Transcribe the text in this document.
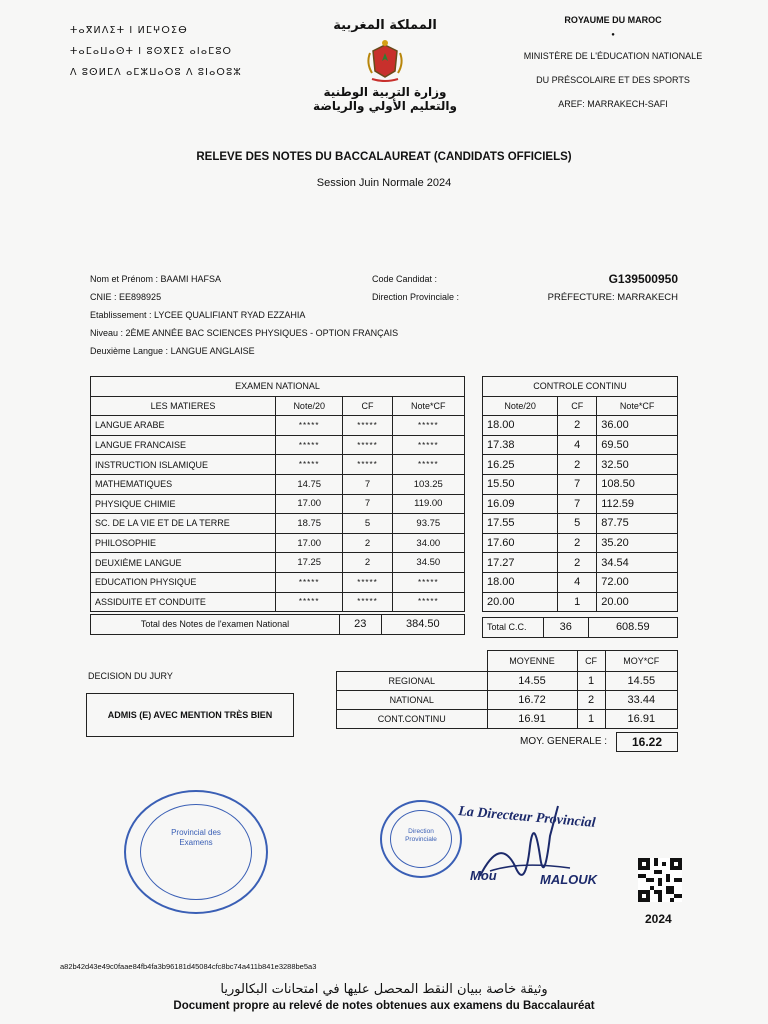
ⵜⴰⴳⵍⴷⵉⵜ ⵏ ⵍⵎⵖⵔⵉⴱ
ⵜⴰⵎⴰⵡⴰⵙⵜ ⵏ ⵓⵙⴳⵎⵉ ⴰⵏⴰⵎⵓⵔ
ⴷ ⵓⵙⵍⵎⴷ ⴰⵎⵣⵡⴰⵔⵓ ⴷ ⵓⵏⴰⵔⵓⵣ
المملكة المغربية
وزارة التربية الوطنية
والتعليم الأولي والرياضة
ROYAUME DU MAROC
●
MINISTÈRE DE L'ÉDUCATION NATIONALE
DU PRÉSCOLAIRE ET DES SPORTS
AREF: MARRAKECH-SAFI
RELEVE DES NOTES DU BACCALAUREAT (CANDIDATS OFFICIELS)
Session Juin Normale 2024
Nom et Prénom : BAAMI HAFSA	Code Candidat :	G139500950
CNIE : EE898925	Direction Provinciale :	PRÉFECTURE: MARRAKECH
Etablissement : LYCEE QUALIFIANT RYAD EZZAHIA
Niveau : 2ÈME ANNÉE BAC SCIENCES PHYSIQUES - OPTION FRANÇAIS
Deuxième Langue : LANGUE ANGLAISE
EXAMEN NATIONAL			
LES MATIERES	Note/20	CF	Note*CF
LANGUE ARABE	*****	*****	*****
LANGUE FRANCAISE	*****	*****	*****
INSTRUCTION ISLAMIQUE	*****	*****	*****
MATHEMATIQUES	14.75	7	103.25
PHYSIQUE CHIMIE	17.00	7	119.00
SC. DE LA VIE ET DE LA TERRE	18.75	5	93.75
PHILOSOPHIE	17.00	2	34.00
DEUXIÈME LANGUE	17.25	2	34.50
EDUCATION PHYSIQUE	*****	*****	*****
ASSIDUITE ET CONDUITE	*****	*****	*****
Total des Notes de l'examen National	23	384.50
CONTROLE CONTINU		
Note/20	CF	Note*CF
18.00	2	36.00
17.38	4	69.50
16.25	2	32.50
15.50	7	108.50
16.09	7	112.59
17.55	5	87.75
17.60	2	35.20
17.27	2	34.54
18.00	4	72.00
20.00	1	20.00
Total C.C.	36	608.59
DECISION DU JURY
ADMIS (E) AVEC MENTION TRÈS BIEN
	MOYENNE	CF	MOY*CF
REGIONAL	14.55	1	14.55
NATIONAL	16.72	2	33.44
CONT.CONTINU	16.91	1	16.91
MOY. GENERALE :	16.22
Provincial des Examens
Direction Provinciale
La Directeur Provincial
Mou	MALOUK
2024
a82b42d43e49c0faae84fb4fa3b96181d45084cfc8bc74a411b841e3288be5a3
وثيقة خاصة ببيان النقط المحصل عليها في امتحانات البكالوريا
Document propre au relevé de notes obtenues aux examens du Baccalauréat
